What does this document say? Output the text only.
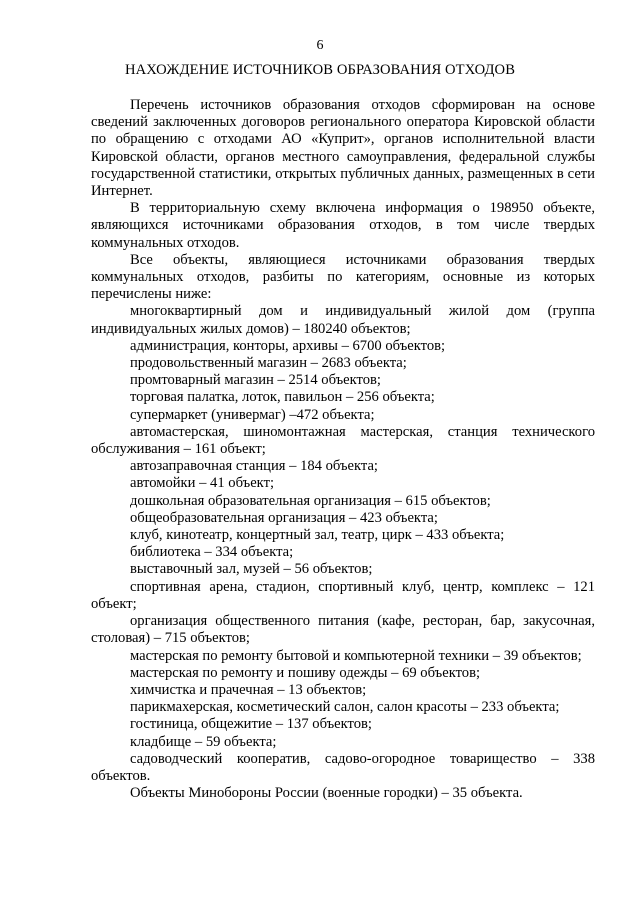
6
НАХОЖДЕНИЕ ИСТОЧНИКОВ ОБРАЗОВАНИЯ ОТХОДОВ

Перечень источников образования отходов сформирован на основе сведений заключенных договоров регионального оператора Кировской области по обращению с отходами АО «Куприт», органов исполнительной власти Кировской области, органов местного самоуправления, федеральной службы государственной статистики, открытых публичных данных, размещенных в сети Интернет.

В территориальную схему включена информация о 198950 объекте, являющихся источниками образования отходов, в том числе твердых коммунальных отходов.

Все объекты, являющиеся источниками образования твердых коммунальных отходов, разбиты по категориям, основные из которых перечислены ниже:

многоквартирный дом и индивидуальный жилой дом (группа индивидуальных жилых домов) – 180240 объектов;
администрация, конторы, архивы – 6700 объектов;
продовольственный магазин – 2683 объекта;
промтоварный магазин – 2514 объектов;
торговая палатка, лоток, павильон – 256 объекта;
супермаркет (универмаг) –472 объекта;
автомастерская, шиномонтажная мастерская, станция технического обслуживания – 161 объект;
автозаправочная станция – 184 объекта;
автомойки – 41 объект;
дошкольная образовательная организация – 615 объектов;
общеобразовательная организация – 423 объекта;
клуб, кинотеатр, концертный зал, театр, цирк – 433 объекта;
библиотека – 334 объекта;
выставочный зал, музей – 56 объектов;
спортивная арена, стадион, спортивный клуб, центр, комплекс – 121 объект;
организация общественного питания (кафе, ресторан, бар, закусочная, столовая) – 715 объектов;
мастерская по ремонту бытовой и компьютерной техники – 39 объектов;
мастерская по ремонту и пошиву одежды – 69 объектов;
химчистка и прачечная – 13 объектов;
парикмахерская, косметический салон, салон красоты – 233 объекта;
гостиница, общежитие – 137 объектов;
кладбище – 59 объекта;
садоводческий кооператив, садово-огородное товарищество – 338 объектов.

Объекты Минобороны России (военные городки) – 35 объекта.
